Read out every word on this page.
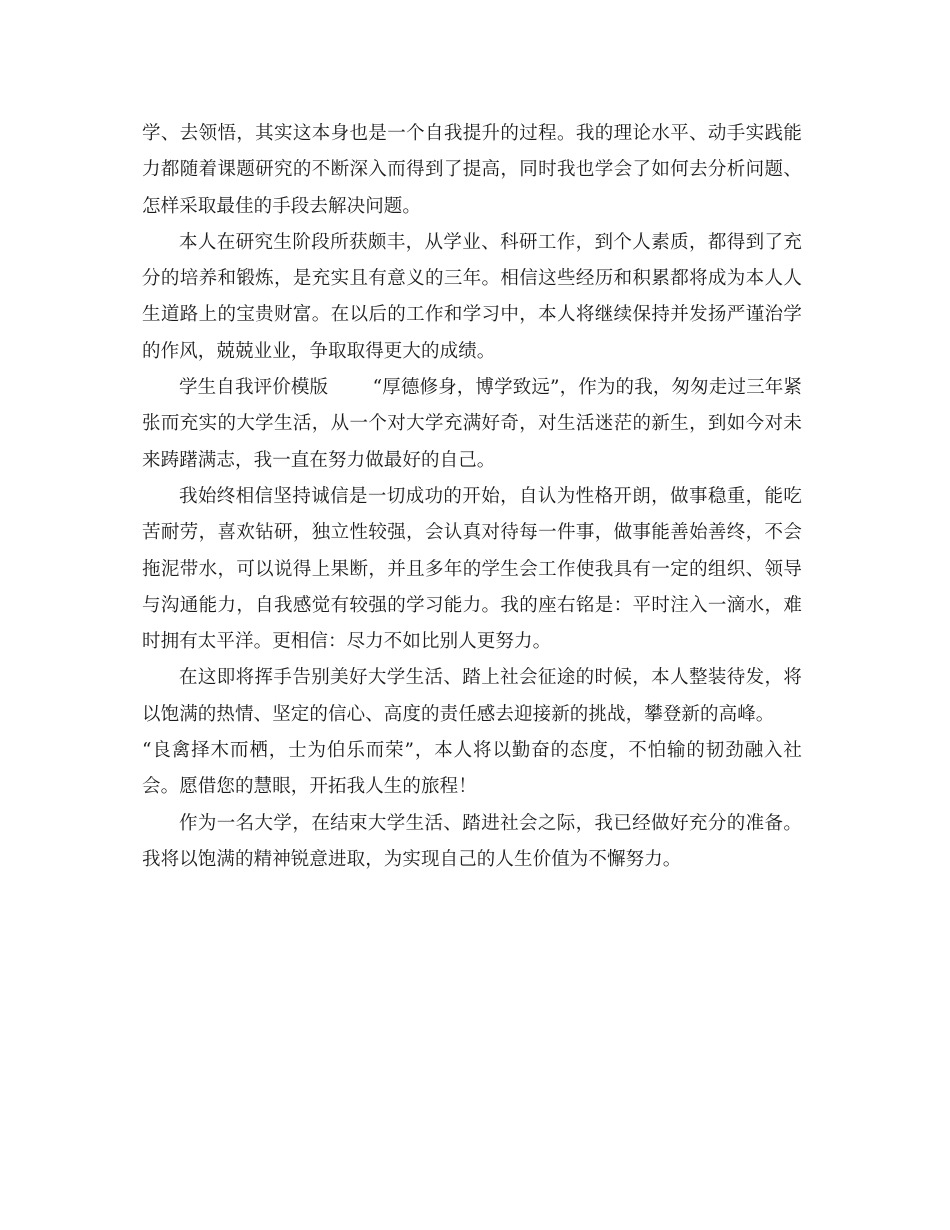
学、去领悟，其实这本身也是一个自我提升的过程。我的理论水平、动手实践能力都随着课题研究的不断深入而得到了提高，同时我也学会了如何去分析问题、怎样采取最佳的手段去解决问题。

本人在研究生阶段所获颇丰，从学业、科研工作，到个人素质，都得到了充分的培养和锻炼，是充实且有意义的三年。相信这些经历和积累都将成为本人人生道路上的宝贵财富。在以后的工作和学习中，本人将继续保持并发扬严谨治学的作风，兢兢业业，争取取得更大的成绩。

学生自我评价模版 “厚德修身，博学致远”，作为的我，匆匆走过三年紧张而充实的大学生活，从一个对大学充满好奇，对生活迷茫的新生，到如今对未来踌躇满志，我一直在努力做最好的自己。

我始终相信坚持诚信是一切成功的开始，自认为性格开朗，做事稳重，能吃苦耐劳，喜欢钻研，独立性较强，会认真对待每一件事，做事能善始善终，不会拖泥带水，可以说得上果断，并且多年的学生会工作使我具有一定的组织、领导与沟通能力，自我感觉有较强的学习能力。我的座右铭是：平时注入一滴水，难时拥有太平洋。更相信：尽力不如比别人更努力。

在这即将挥手告别美好大学生活、踏上社会征途的时候，本人整装待发，将以饱满的热情、坚定的信心、高度的责任感去迎接新的挑战，攀登新的高峰。

“良禽择木而栖，士为伯乐而荣”，本人将以勤奋的态度，不怕输的韧劲融入社会。愿借您的慧眼，开拓我人生的旅程！

作为一名大学，在结束大学生活、踏进社会之际，我已经做好充分的准备。我将以饱满的精神锐意进取，为实现自己的人生价值为不懈努力。
